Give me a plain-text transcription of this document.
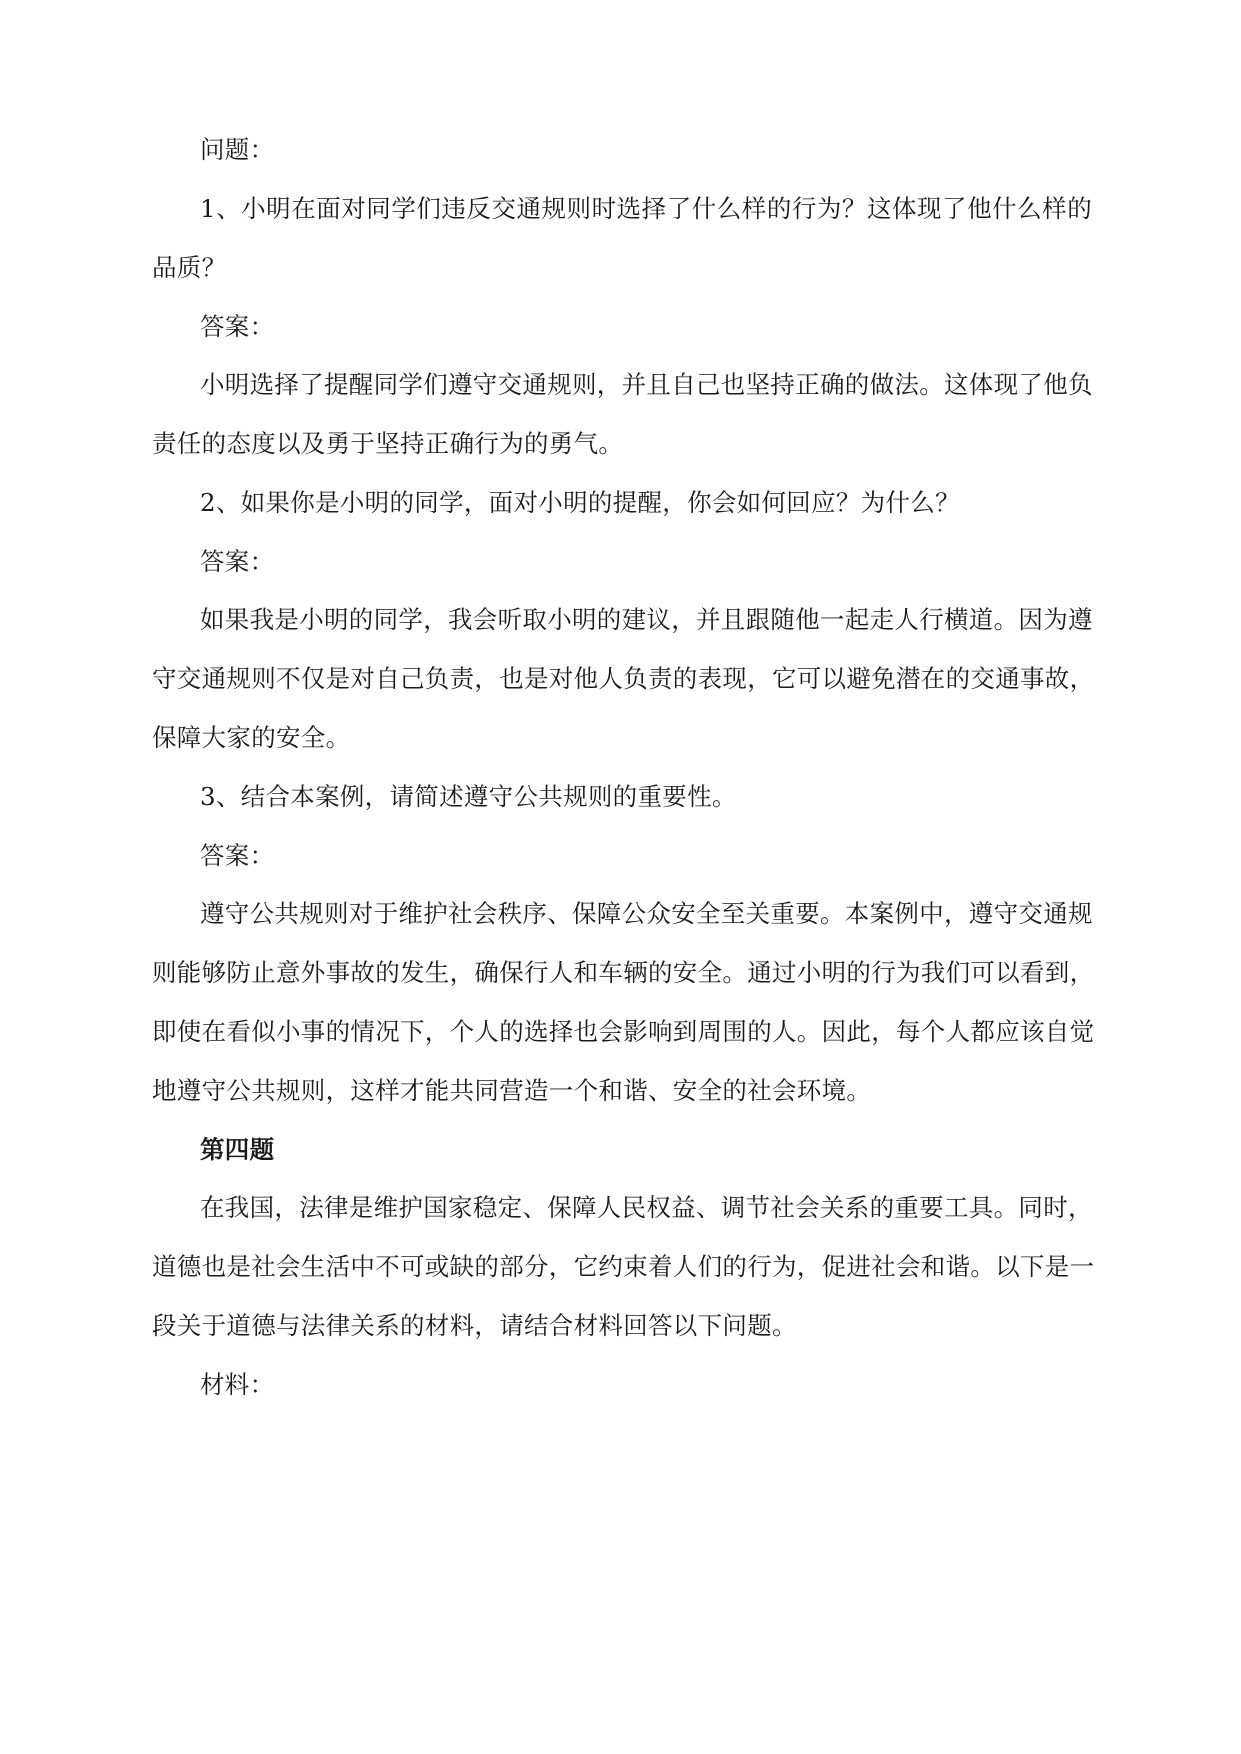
问题：
1、小明在面对同学们违反交通规则时选择了什么样的行为？这体现了他什么样的
品质？
答案：
小明选择了提醒同学们遵守交通规则，并且自己也坚持正确的做法。这体现了他负
责任的态度以及勇于坚持正确行为的勇气。
2、如果你是小明的同学，面对小明的提醒，你会如何回应？为什么？
答案：
如果我是小明的同学，我会听取小明的建议，并且跟随他一起走人行横道。因为遵
守交通规则不仅是对自己负责，也是对他人负责的表现，它可以避免潜在的交通事故，
保障大家的安全。
3、结合本案例，请简述遵守公共规则的重要性。
答案：
遵守公共规则对于维护社会秩序、保障公众安全至关重要。本案例中，遵守交通规
则能够防止意外事故的发生，确保行人和车辆的安全。通过小明的行为我们可以看到，
即使在看似小事的情况下，个人的选择也会影响到周围的人。因此，每个人都应该自觉
地遵守公共规则，这样才能共同营造一个和谐、安全的社会环境。
第四题
在我国，法律是维护国家稳定、保障人民权益、调节社会关系的重要工具。同时，
道德也是社会生活中不可或缺的部分，它约束着人们的行为，促进社会和谐。以下是一
段关于道德与法律关系的材料，请结合材料回答以下问题。
材料：
